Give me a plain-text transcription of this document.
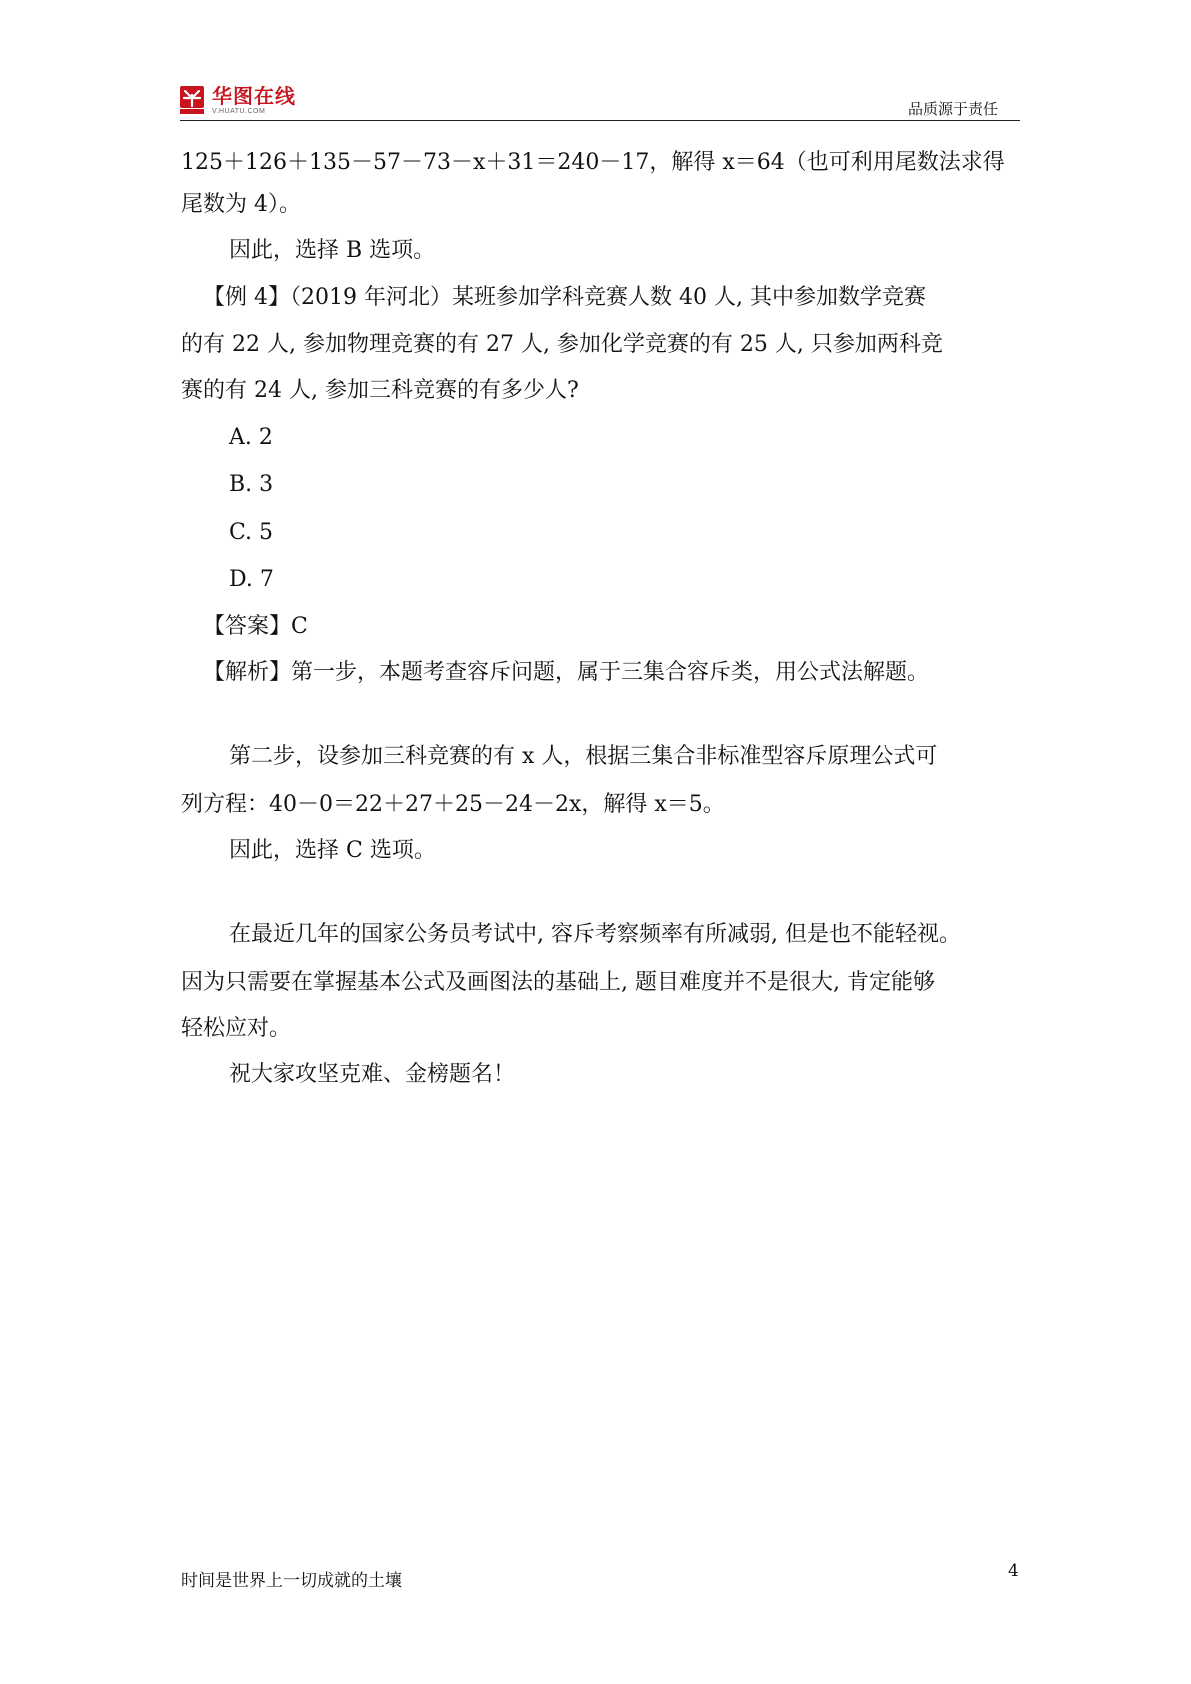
华图在线
V.HUATU.COM	品质源于责任
125＋126＋135－57－73－x＋31＝240－17，解得 x＝64（也可利用尾数法求得
尾数为 4）。
因此，选择 B 选项。
【例 4】（2019 年河北）某班参加学科竞赛人数 40 人, 其中参加数学竞赛
的有 22 人, 参加物理竞赛的有 27 人, 参加化学竞赛的有 25 人, 只参加两科竞
赛的有 24 人, 参加三科竞赛的有多少人?
A. 2
B. 3
C. 5
D. 7
【答案】C
【解析】第一步，本题考查容斥问题，属于三集合容斥类，用公式法解题。
第二步，设参加三科竞赛的有 x 人，根据三集合非标准型容斥原理公式可
列方程：40－0＝22＋27＋25－24－2x，解得 x＝5。
因此，选择 C 选项。
在最近几年的国家公务员考试中, 容斥考察频率有所减弱, 但是也不能轻视。
因为只需要在掌握基本公式及画图法的基础上, 题目难度并不是很大, 肯定能够
轻松应对。
祝大家攻坚克难、金榜题名！
时间是世界上一切成就的土壤	4
